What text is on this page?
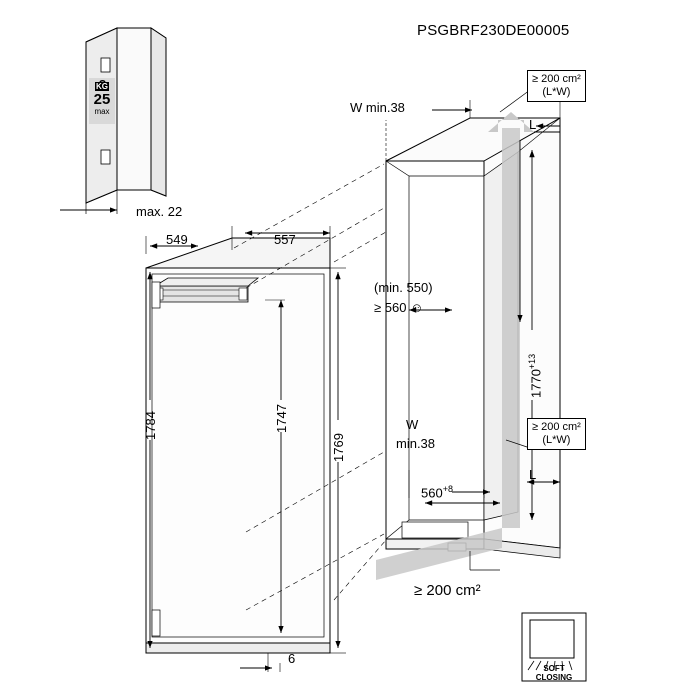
PSGBRF230DE00005
max. 22
KG
25
max
549	557
1784	1747
1769
6
W min.38
L
L
(min. 550)
≥ 560 ☺
W
min.38
$560^{+8}$
$1770^{+13}$
≥ 200 cm²
(L*W)
≥ 200 cm²
(L*W)
≥ 200 cm²
SOFT
CLOSING
